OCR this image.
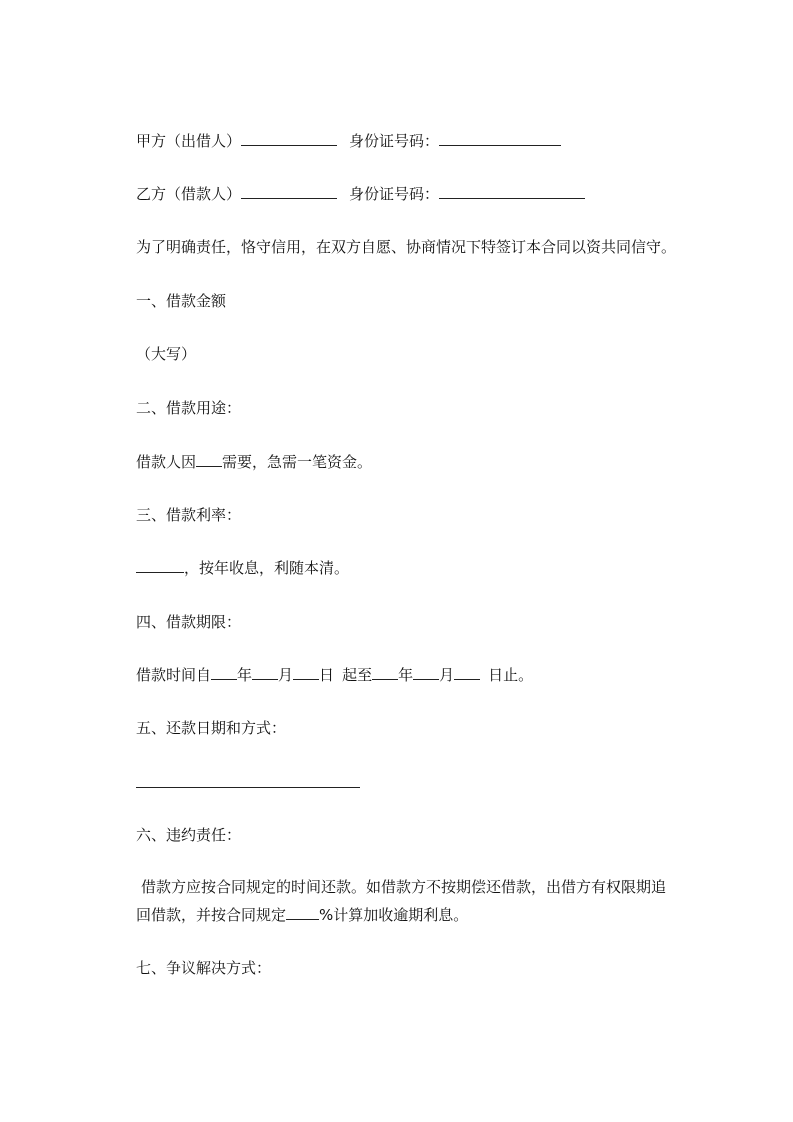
甲方（出借人）	身份证号码：
乙方（借款人）	身份证号码：
为了明确责任，恪守信用，在双方自愿、协商情况下特签订本合同以资共同信守。
一、借款金额
（大写）
二、借款用途：
借款人因 需要，急需一笔资金。
三、借款利率：
，按年收息，利随本清。
四、借款期限：
借款时间自 年 月 日 起至 年 月 日止。
五、还款日期和方式：
六、违约责任：
借款方应按合同规定的时间还款。如借款方不按期偿还借款，出借方有权限期追
回借款，并按合同规定 %计算加收逾期利息。
七、争议解决方式：
